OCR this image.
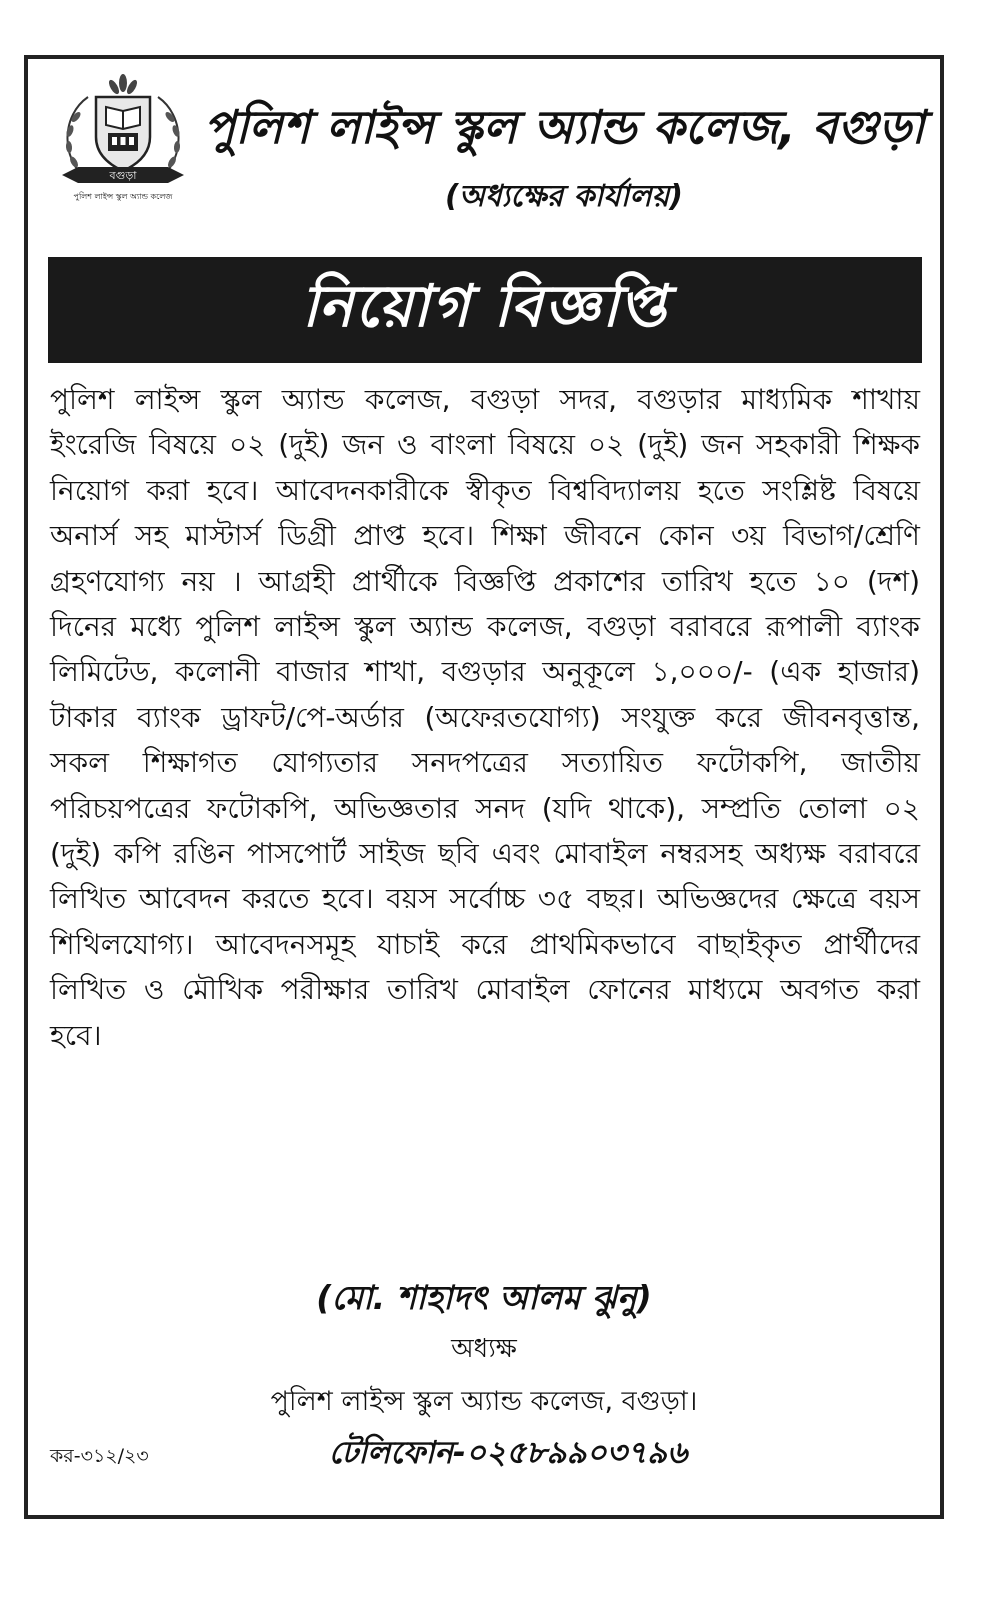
বগুড়া
পুলিশ লাইন্স স্কুল অ্যান্ড কলেজ
পুলিশ লাইন্স স্কুল অ্যান্ড কলেজ, বগুড়া
(অধ্যক্ষের কার্যালয়)
নিয়োগ বিজ্ঞপ্তি
পুলিশ লাইন্স স্কুল অ্যান্ড কলেজ, বগুড়া সদর, বগুড়ার মাধ্যমিক শাখায় ইংরেজি বিষয়ে ০২ (দুই) জন ও বাংলা বিষয়ে ০২ (দুই) জন সহকারী শিক্ষক নিয়োগ করা হবে। আবেদনকারীকে স্বীকৃত বিশ্ববিদ্যালয় হতে সংশ্লিষ্ট বিষয়ে অনার্স সহ মাস্টার্স ডিগ্রী প্রাপ্ত হবে। শিক্ষা জীবনে কোন ৩য় বিভাগ/শ্রেণি গ্রহণযোগ্য নয় । আগ্রহী প্রার্থীকে বিজ্ঞপ্তি প্রকাশের তারিখ হতে ১০ (দশ) দিনের মধ্যে পুলিশ লাইন্স স্কুল অ্যান্ড কলেজ, বগুড়া বরাবরে রূপালী ব্যাংক লিমিটেড, কলোনী বাজার শাখা, বগুড়ার অনুকূলে ১,০০০/- (এক হাজার) টাকার ব্যাংক ড্রাফট/পে-অর্ডার (অফেরতযোগ্য) সংযুক্ত করে জীবনবৃত্তান্ত, সকল শিক্ষাগত যোগ্যতার সনদপত্রের সত্যায়িত ফটোকপি, জাতীয় পরিচয়পত্রের ফটোকপি, অভিজ্ঞতার সনদ (যদি থাকে), সম্প্রতি তোলা ০২ (দুই) কপি রঙিন পাসপোর্ট সাইজ ছবি এবং মোবাইল নম্বরসহ অধ্যক্ষ বরাবরে লিখিত আবেদন করতে হবে। বয়স সর্বোচ্চ ৩৫ বছর। অভিজ্ঞদের ক্ষেত্রে বয়স শিথিলযোগ্য। আবেদনসমূহ যাচাই করে প্রাথমিকভাবে বাছাইকৃত প্রার্থীদের লিখিত ও মৌখিক পরীক্ষার তারিখ মোবাইল ফোনের মাধ্যমে অবগত করা হবে।
(মো. শাহাদৎ আলম ঝুনু)
অধ্যক্ষ
পুলিশ লাইন্স স্কুল অ্যান্ড কলেজ, বগুড়া।
কর-৩১২/২৩	টেলিফোন-০২৫৮৯৯০৩৭৯৬
